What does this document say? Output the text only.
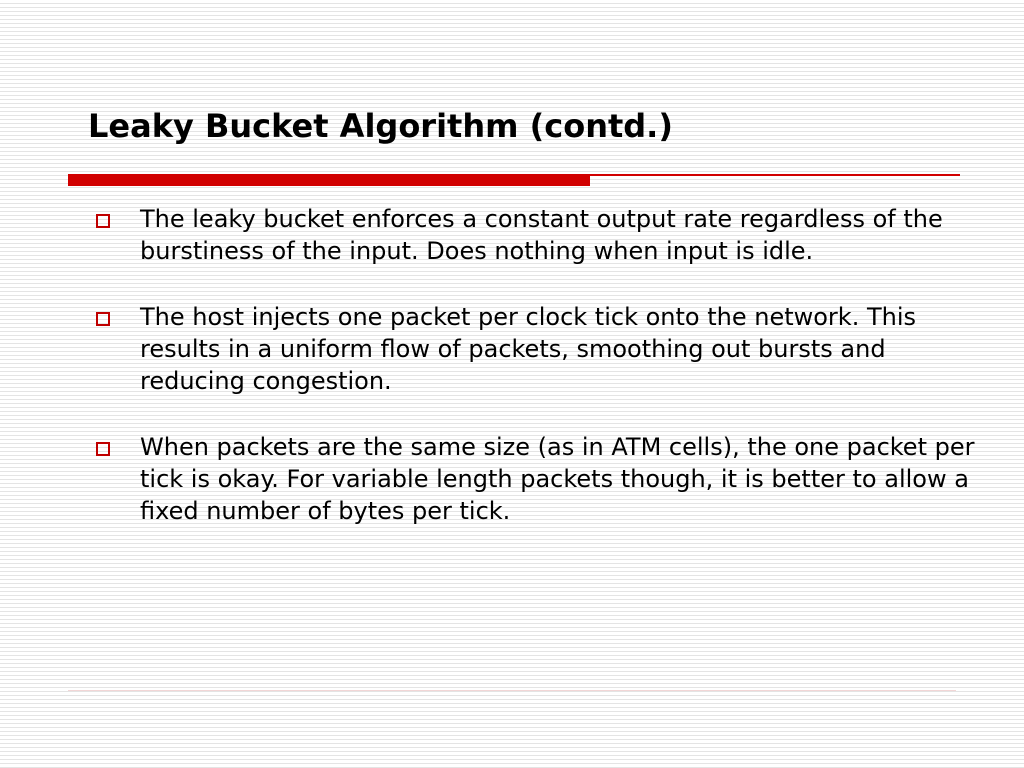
Leaky Bucket Algorithm (contd.)
The leaky bucket enforces a constant output rate regardless of the burstiness of the input. Does nothing when input is idle.
The host injects one packet per clock tick onto the network. This results in a uniform flow of packets, smoothing out bursts and reducing congestion.
When packets are the same size (as in ATM cells), the one packet per tick is okay. For variable length packets though, it is better to allow a fixed number of bytes per tick.
